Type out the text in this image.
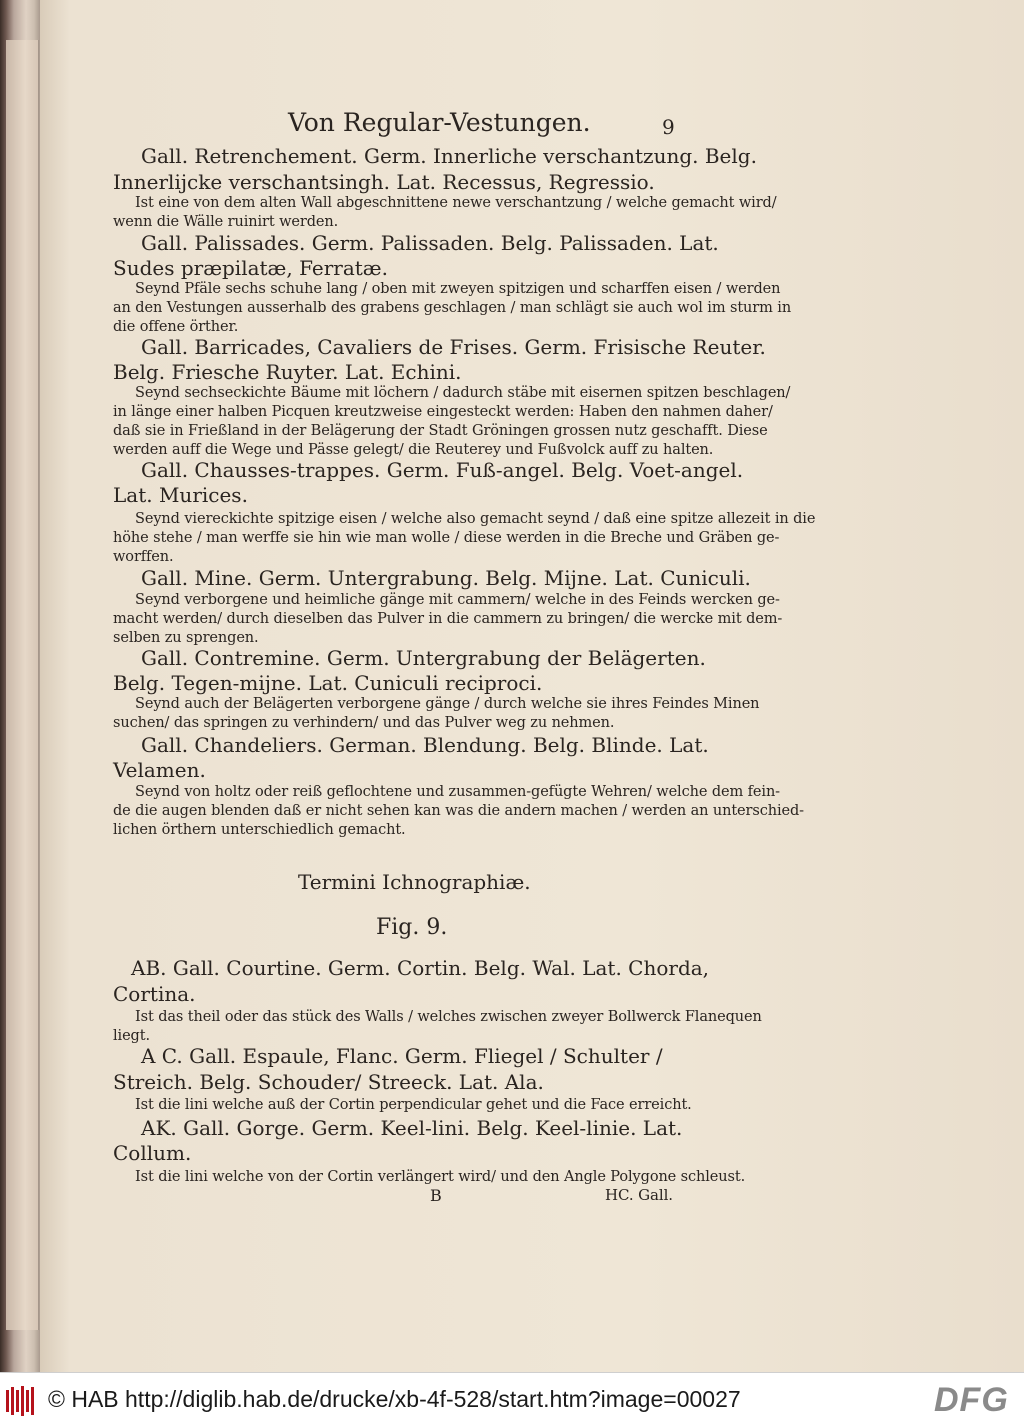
Von Regular-Vestungen.	9
Gall. Retrenchement. Germ. Innerliche verschantzung. Belg.
Innerlijcke verschantsingh. Lat. Recessus, Regressio.
Ist eine von dem alten Wall abgeschnittene newe verschantzung / welche gemacht wird/
wenn die Wälle ruinirt werden.
Gall. Palissades. Germ. Palissaden. Belg. Palissaden. Lat.
Sudes præpilatæ, Ferratæ.
Seynd Pfäle sechs schuhe lang / oben mit zweyen spitzigen und scharffen eisen / werden
an den Vestungen ausserhalb des grabens geschlagen / man schlägt sie auch wol im sturm in
die offene örther.
Gall. Barricades, Cavaliers de Frises. Germ. Frisische Reuter.
Belg. Friesche Ruyter. Lat. Echini.
Seynd sechseckichte Bäume mit löchern / dadurch stäbe mit eisernen spitzen beschlagen/
in länge einer halben Picquen kreutzweise eingesteckt werden: Haben den nahmen daher/
daß sie in Frießland in der Belägerung der Stadt Gröningen grossen nutz geschafft. Diese
werden auff die Wege und Pässe gelegt/ die Reuterey und Fußvolck auff zu halten.
Gall. Chausses-trappes. Germ. Fuß-angel. Belg. Voet-angel.
Lat. Murices.
Seynd viereckichte spitzige eisen / welche also gemacht seynd / daß eine spitze allezeit in die
höhe stehe / man werffe sie hin wie man wolle / diese werden in die Breche und Gräben ge-
worffen.
Gall. Mine. Germ. Untergrabung. Belg. Mijne. Lat. Cuniculi.
Seynd verborgene und heimliche gänge mit cammern/ welche in des Feinds wercken ge-
macht werden/ durch dieselben das Pulver in die cammern zu bringen/ die wercke mit dem-
selben zu sprengen.
Gall. Contremine. Germ. Untergrabung der Belägerten.
Belg. Tegen-mijne. Lat. Cuniculi reciproci.
Seynd auch der Belägerten verborgene gänge / durch welche sie ihres Feindes Minen
suchen/ das springen zu verhindern/ und das Pulver weg zu nehmen.
Gall. Chandeliers. German. Blendung. Belg. Blinde. Lat.
Velamen.
Seynd von holtz oder reiß geflochtene und zusammen-gefügte Wehren/ welche dem fein-
de die augen blenden daß er nicht sehen kan was die andern machen / werden an unterschied-
lichen örthern unterschiedlich gemacht.
Termini Ichnographiæ.
Fig. 9.
AB. Gall. Courtine. Germ. Cortin. Belg. Wal. Lat. Chorda,
Cortina.
Ist das theil oder das stück des Walls / welches zwischen zweyer Bollwerck Flanequen
liegt.
A C. Gall. Espaule, Flanc. Germ. Fliegel / Schulter /
Streich. Belg. Schouder/ Streeck. Lat. Ala.
Ist die lini welche auß der Cortin perpendicular gehet und die Face erreicht.
AK. Gall. Gorge. Germ. Keel-lini. Belg. Keel-linie. Lat.
Collum.
Ist die lini welche von der Cortin verlängert wird/ und den Angle Polygone schleust.
B	HC. Gall.
© HAB http://diglib.hab.de/drucke/xb-4f-528/start.htm?image=00027	DFG
